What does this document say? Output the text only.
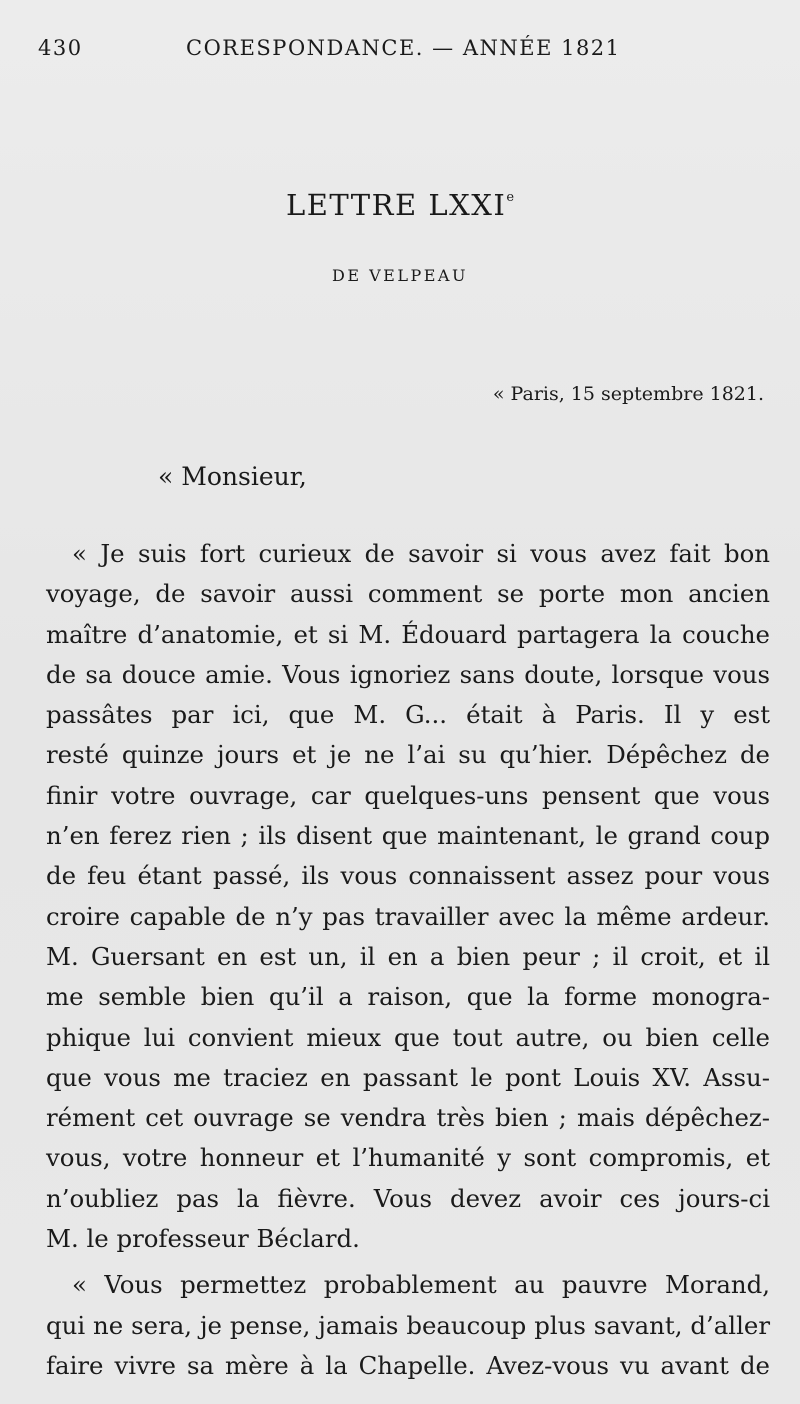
430	CORESPONDANCE. — ANNÉE 1821
LETTRE LXXIe
DE VELPEAU
« Paris, 15 septembre 1821.
« Monsieur,
« Je suis fort curieux de savoir si vous avez fait bon
voyage, de savoir aussi comment se porte mon ancien
maître d’anatomie, et si M. Édouard partagera la couche
de sa douce amie. Vous ignoriez sans doute, lorsque vous
passâtes par ici, que M. G... était à Paris. Il y est
resté quinze jours et je ne l’ai su qu’hier. Dépêchez de
finir votre ouvrage, car quelques-uns pensent que vous
n’en ferez rien ; ils disent que maintenant, le grand coup
de feu étant passé, ils vous connaissent assez pour vous
croire capable de n’y pas travailler avec la même ardeur.
M. Guersant en est un, il en a bien peur ; il croit, et il
me semble bien qu’il a raison, que la forme monogra-
phique lui convient mieux que tout autre, ou bien celle
que vous me traciez en passant le pont Louis XV. Assu-
rément cet ouvrage se vendra très bien ; mais dépêchez-
vous, votre honneur et l’humanité y sont compromis, et
n’oubliez pas la fièvre. Vous devez avoir ces jours-ci
M. le professeur Béclard.
« Vous permettez probablement au pauvre Morand,
qui ne sera, je pense, jamais beaucoup plus savant, d’aller
faire vivre sa mère à la Chapelle. Avez-vous vu avant de
